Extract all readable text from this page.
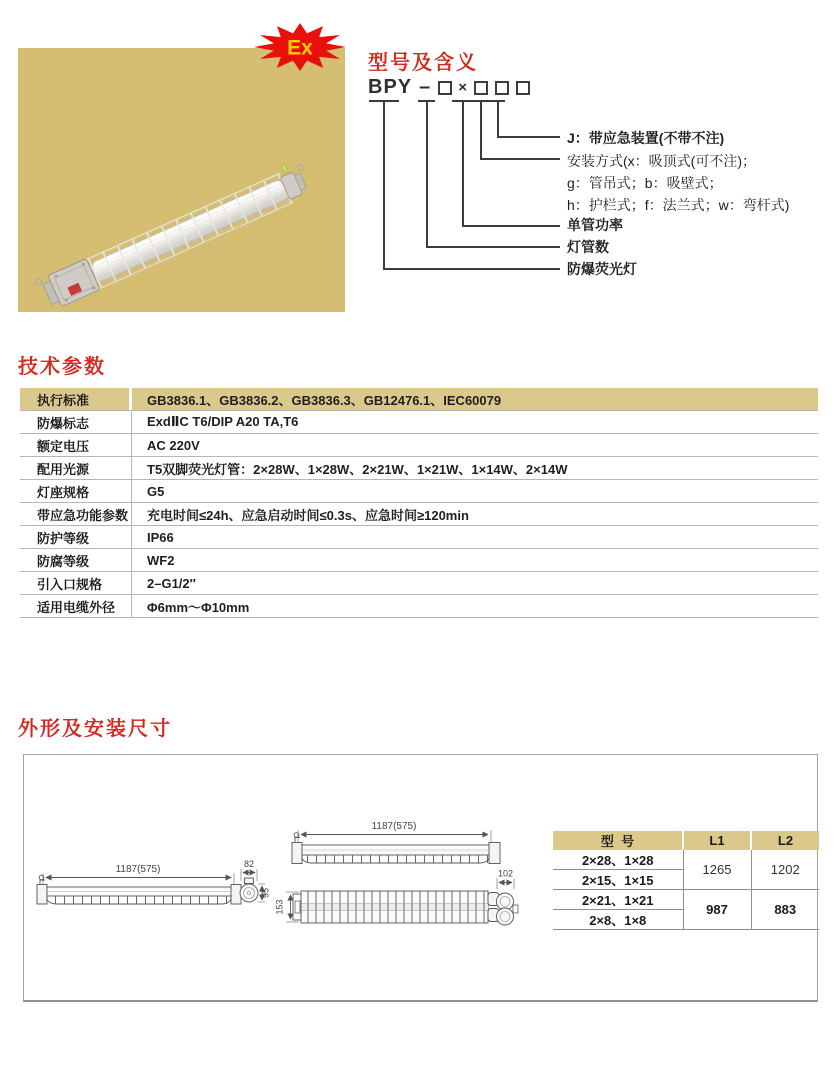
Ex
型号及含义
BPY – ×
J：带应急装置(不带不注)
安装方式(x：吸顶式(可不注)；
g：管吊式；b：吸壁式；
h：护栏式；f：法兰式；w：弯杆式)
单管功率
灯管数
防爆荧光灯
技术参数
执行标准	GB3836.1、GB3836.2、GB3836.3、GB12476.1、IEC60079
防爆标志	ExdⅡC T6/DIP A20 TA,T6
额定电压	AC 220V
配用光源	T5双脚荧光灯管：2×28W、1×28W、2×21W、1×21W、1×14W、2×14W
灯座规格	G5
带应急功能参数	充电时间≤24h、应急启动时间≤0.3s、应急时间≥120min
防护等级	IP66
防腐等级	WF2
引入口规格	2–G1/2″
适用电缆外径	Φ6mm～Φ10mm
外形及安装尺寸
1187(575)	82
95
1187(575)
153
102
型  号	L1	L2
2×28、1×28	1265	1202
2×15、1×15		
2×21、1×21	987	883
2×8、1×8		
